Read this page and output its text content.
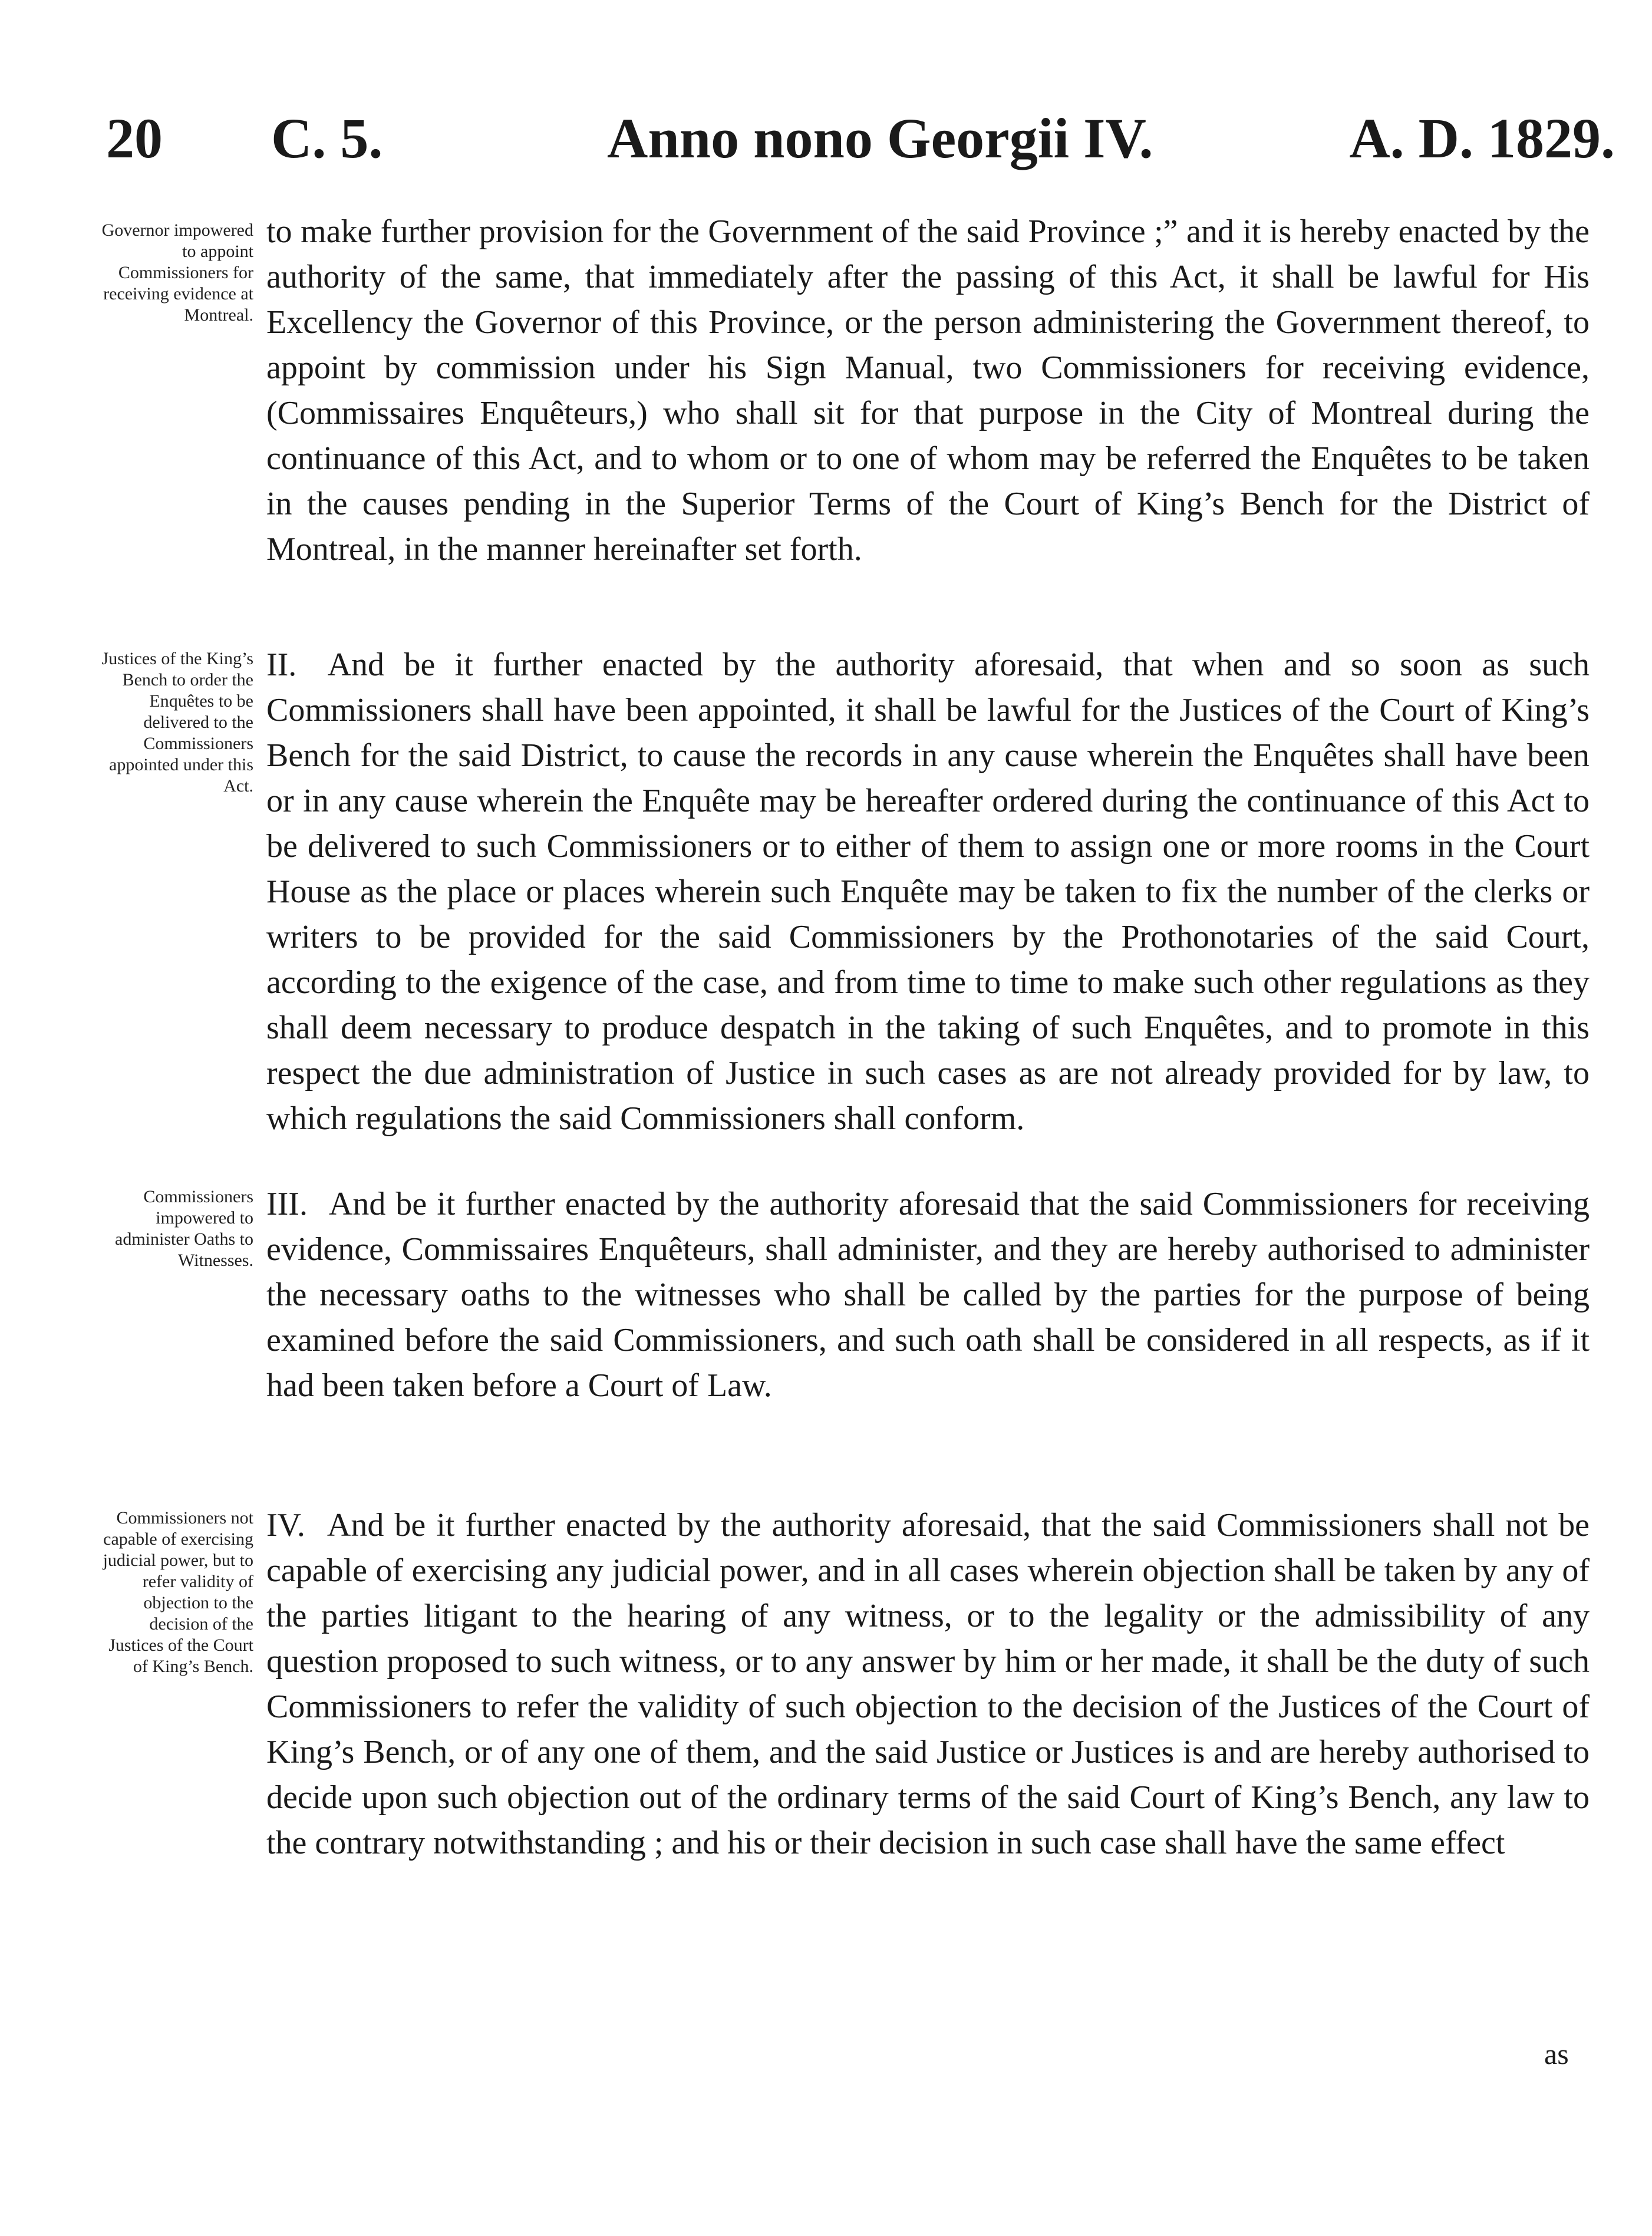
20 C. 5.	Anno nono Georgii IV.	A. D. 1829.
Governor impowered to appoint Commissioners for receiving evidence at Montreal.
to make further provision for the Government of the said Province ;” and it is hereby enacted by the authority of the same, that immediately after the passing of this Act, it shall be lawful for His Excellency the Governor of this Province, or the person administering the Government thereof, to appoint by commission under his Sign Manual, two Commissioners for receiving evidence, (Commissaires Enquêteurs,) who shall sit for that purpose in the City of Montreal during the continuance of this Act, and to whom or to one of whom may be referred the Enquêtes to be taken in the causes pending in the Superior Terms of the Court of King’s Bench for the District of Montreal, in the manner hereinafter set forth.
Justices of the King’s Bench to order the Enquêtes to be delivered to the Commissioners appointed under this Act.
II. And be it further enacted by the authority aforesaid, that when and so soon as such Commissioners shall have been appointed, it shall be lawful for the Justices of the Court of King’s Bench for the said District, to cause the records in any cause wherein the Enquêtes shall have been or in any cause wherein the Enquête may be hereafter ordered during the continuance of this Act to be delivered to such Commissioners or to either of them to assign one or more rooms in the Court House as the place or places wherein such Enquête may be taken to fix the number of the clerks or writers to be provided for the said Commissioners by the Prothonotaries of the said Court, according to the exigence of the case, and from time to time to make such other regulations as they shall deem necessary to produce despatch in the taking of such Enquêtes, and to promote in this respect the due administration of Justice in such cases as are not already provided for by law, to which regulations the said Commissioners shall conform.
Commissioners impowered to administer Oaths to Witnesses.
III. And be it further enacted by the authority aforesaid that the said Commissioners for receiving evidence, Commissaires Enquêteurs, shall administer, and they are hereby authorised to administer the necessary oaths to the witnesses who shall be called by the parties for the purpose of being examined before the said Commissioners, and such oath shall be considered in all respects, as if it had been taken before a Court of Law.
Commissioners not capable of exercising judicial power, but to refer validity of objection to the decision of the Justices of the Court of King’s Bench.
IV. And be it further enacted by the authority aforesaid, that the said Commissioners shall not be capable of exercising any judicial power, and in all cases wherein objection shall be taken by any of the parties litigant to the hearing of any witness, or to the legality or the admissibility of any question proposed to such witness, or to any answer by him or her made, it shall be the duty of such Commissioners to refer the validity of such objection to the decision of the Justices of the Court of King’s Bench, or of any one of them, and the said Justice or Justices is and are hereby authorised to decide upon such objection out of the ordinary terms of the said Court of King’s Bench, any law to the contrary notwithstanding ; and his or their decision in such case shall have the same effect
as
